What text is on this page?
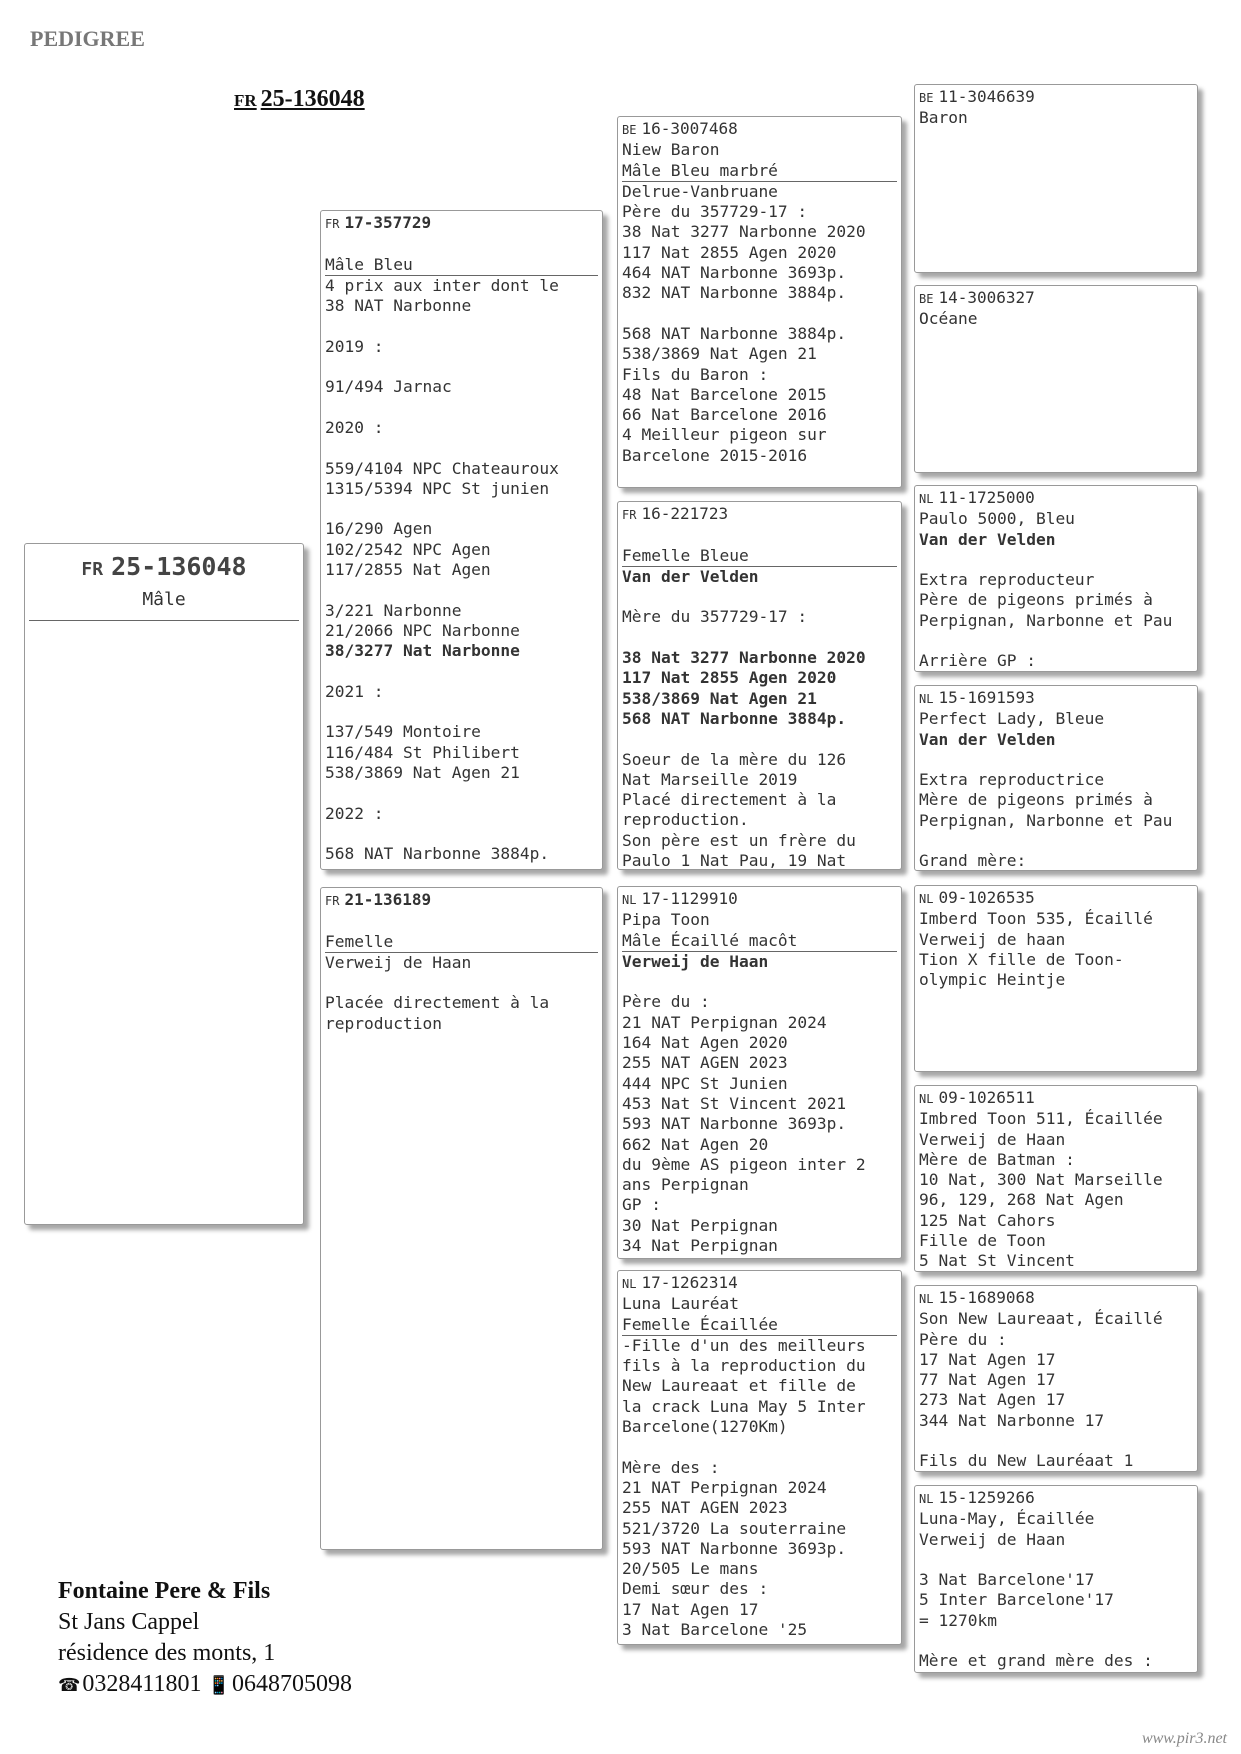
PEDIGREE
FR 25-136048
FR 25-136048
Mâle
FR 17-357729
Mâle Bleu
4 prix aux inter dont le
38 NAT Narbonne
2019 :
91/494 Jarnac
2020 :
559/4104 NPC Chateauroux
1315/5394 NPC St junien
16/290 Agen
102/2542 NPC Agen
117/2855 Nat Agen
3/221 Narbonne
21/2066 NPC Narbonne
38/3277 Nat Narbonne
2021 :
137/549 Montoire
116/484 St Philibert
538/3869 Nat Agen 21
2022 :
568 NAT Narbonne 3884p.
FR 21-136189
Femelle
Verweij de Haan
Placée directement à la
reproduction
BE 16-3007468
Niew Baron
Mâle Bleu marbré
Delrue-Vanbruane
Père du 357729-17 :
38 Nat 3277 Narbonne 2020
117 Nat 2855 Agen 2020
464 NAT Narbonne 3693p.
832 NAT Narbonne 3884p.
568 NAT Narbonne 3884p.
538/3869 Nat Agen 21
Fils du Baron :
48 Nat Barcelone 2015
66 Nat Barcelone 2016
4 Meilleur pigeon sur
Barcelone 2015-2016
FR 16-221723
Femelle Bleue
Van der Velden
Mère du 357729-17 :
38 Nat 3277 Narbonne 2020
117 Nat 2855 Agen 2020
538/3869 Nat Agen 21
568 NAT Narbonne 3884p.
Soeur de la mère du 126
Nat Marseille 2019
Placé directement à la
reproduction.
Son père est un frère du
Paulo 1 Nat Pau, 19 Nat
NL 17-1129910
Pipa Toon
Mâle Écaillé macôt
Verweij de Haan
Père du :
21 NAT Perpignan 2024
164 Nat Agen 2020
255 NAT AGEN 2023
444 NPC St Junien
453 Nat St Vincent 2021
593 NAT Narbonne 3693p.
662 Nat Agen 20
du 9ème AS pigeon inter 2
ans Perpignan
GP :
30 Nat Perpignan
34 Nat Perpignan
NL 17-1262314
Luna Lauréat
Femelle Écaillée
-Fille d'un des meilleurs
fils à la reproduction du
New Laureaat et fille de
la crack Luna May 5 Inter
Barcelone(1270Km)
Mère des :
21 NAT Perpignan 2024
255 NAT AGEN 2023
521/3720 La souterraine
593 NAT Narbonne 3693p.
20/505 Le mans
Demi sœur des :
17 Nat Agen 17
3 Nat Barcelone '25
BE 11-3046639
Baron
BE 14-3006327
Océane
NL 11-1725000
Paulo 5000, Bleu
Van der Velden
Extra reproducteur
Père de pigeons primés à
Perpignan, Narbonne et Pau
Arrière GP :
NL 15-1691593
Perfect Lady, Bleue
Van der Velden
Extra reproductrice
Mère de pigeons primés à
Perpignan, Narbonne et Pau
Grand mère:
NL 09-1026535
Imberd Toon 535, Écaillé
Verweij de haan
Tion X fille de Toon-
olympic Heintje
NL 09-1026511
Imbred Toon 511, Écaillée
Verweij de Haan
Mère de Batman :
10 Nat, 300 Nat Marseille
96, 129, 268 Nat Agen
125 Nat Cahors
Fille de Toon
5 Nat St Vincent
NL 15-1689068
Son New Laureaat, Écaillé
Père du :
17 Nat Agen 17
77 Nat Agen 17
273 Nat Agen 17
344 Nat Narbonne 17
Fils du New Lauréaat 1
NL 15-1259266
Luna-May, Écaillée
Verweij de Haan
3 Nat Barcelone'17
5 Inter Barcelone'17
= 1270km
Mère et grand mère des :
Fontaine Pere & Fils
St Jans Cappel
résidence des monts, 1
☎0328411801 📱0648705098
www.pir3.net
